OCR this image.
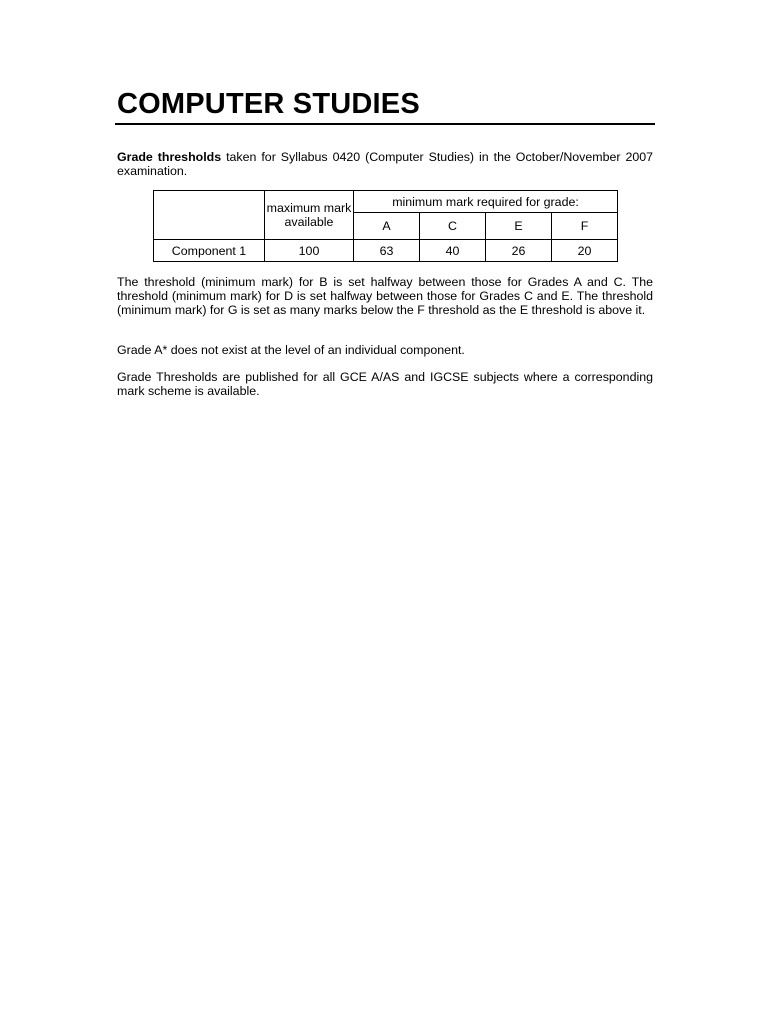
COMPUTER STUDIES

Grade thresholds taken for Syllabus 0420 (Computer Studies) in the October/November 2007 examination.

	maximum mark available	minimum mark required for grade:			
		A	C	E	F
Component 1	100	63	40	26	20

The threshold (minimum mark) for B is set halfway between those for Grades A and C. The threshold (minimum mark) for D is set halfway between those for Grades C and E. The threshold (minimum mark) for G is set as many marks below the F threshold as the E threshold is above it.

Grade A* does not exist at the level of an individual component.

Grade Thresholds are published for all GCE A/AS and IGCSE subjects where a corresponding mark scheme is available.
